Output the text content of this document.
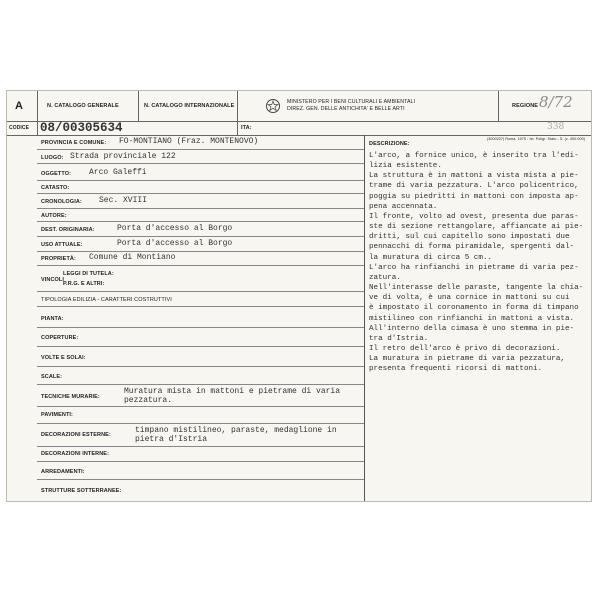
A	N. CATALOGO GENERALE	N. CATALOGO INTERNAZIONALE
MINISTERO PER I BENI CULTURALI E AMBIENTALI
DIREZ. GEN. DELLE ANTICHITA' E BELLE ARTI	REGIONE 8/72
CODICE 08/00305634	ITA:	338
PROVINCIA E COMUNE: FO-MONTIANO (Fraz. MONTENOVO)
LUOGO: Strada provinciale 122
OGGETTO: Arco Galeffi
CATASTO:
CRONOLOGIA: Sec. XVIII
AUTORE:
DEST. ORIGINARIA:	Porta d'accesso al Borgo
USO ATTUALE:	Porta d'accesso al Borgo
PROPRIETÀ: Comune di Montiano
VINCOLI
LEGGI DI TUTELA:
P.R.G. E ALTRI:
TIPOLOGIA EDILIZIA - CARATTERI COSTRUTTIVI
PIANTA:
COPERTURE:
VOLTE E SOLAI:
SCALE:
TECNICHE MURARIE:
Muratura mista in mattoni e pietrame di varia
pezzatura.
PAVIMENTI:
DECORAZIONI ESTERNE:	timpano mistilineo, paraste, medaglione in
pietra d'Istria
DECORAZIONI INTERNE:
ARREDAMENTI:
STRUTTURE SOTTERRANEE:
(3000237) Roma, 1975 - Ist. Poligr. Stato - S. (c. 400.000)
DESCRIZIONE:
L'arco, a fornice unico, è inserito tra l'edi-
lizia esistente.
La struttura è in mattoni a vista mista a pie-
trame di varia pezzatura. L'arco policentrico,
poggia su piedritti in mattoni con imposta ap-
pena accennata.
Il fronte, volto ad ovest, presenta due paras-
ste di sezione rettangolare, affiancate ai pie-
dritti, sul cui capitello sono impostati due
pennacchi di forma piramidale, spergenti dal-
la muratura di circa 5 cm..
L'arco ha rinfianchi in pietrame di varia pez-
zatura.
Nell'interasse delle paraste, tangente la chia-
ve di volta, è una cornice in mattoni su cui
è impostato il coronamento in forma di timpano
mistilineo con rinfianchi in mattoni a vista.
All'interno della cimasa è uno stemma in pie-
tra d'Istria.
Il retro dell'arco è privo di decorazioni.
La muratura in pietrame di varia pezzatura,
presenta frequenti ricorsi di mattoni.
